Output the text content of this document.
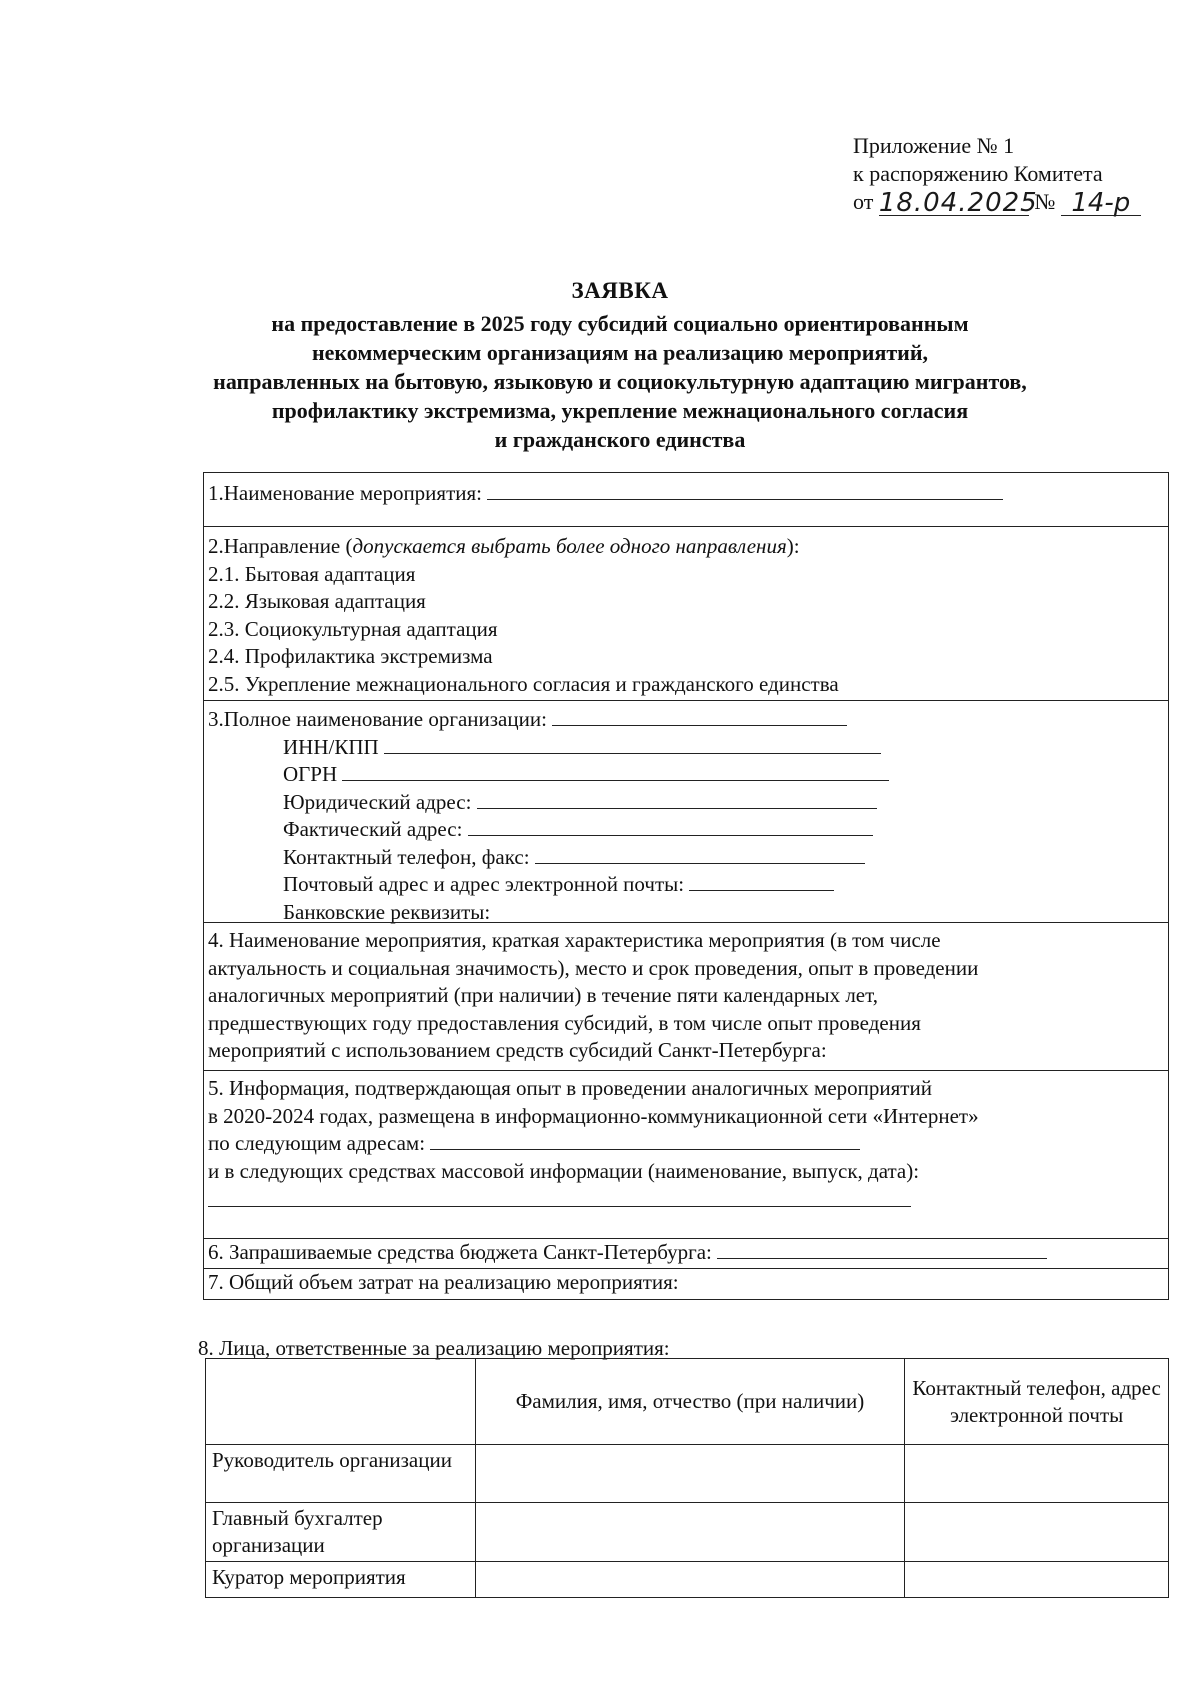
Приложение № 1
к распоряжению Комитета
от 18.04.2025 № 14-р
ЗАЯВКА
на предоставление в 2025 году субсидий социально ориентированным
некоммерческим организациям на реализацию мероприятий,
направленных на бытовую, языковую и социокультурную адаптацию мигрантов,
профилактику экстремизма, укрепление межнационального согласия
и гражданского единства
1.Наименование мероприятия:
2.Направление (допускается выбрать более одного направления):
2.1. Бытовая адаптация
2.2. Языковая адаптация
2.3. Социокультурная адаптация
2.4. Профилактика экстремизма
2.5. Укрепление межнационального согласия и гражданского единства
3.Полное наименование организации:
ИНН/КПП
ОГРН
Юридический адрес:
Фактический адрес:
Контактный телефон, факс:
Почтовый адрес и адрес электронной почты:
Банковские реквизиты:
4. Наименование мероприятия, краткая характеристика мероприятия (в том числе
актуальность и социальная значимость), место и срок проведения, опыт в проведении
аналогичных мероприятий (при наличии) в течение пяти календарных лет,
предшествующих году предоставления субсидий, в том числе опыт проведения
мероприятий с использованием средств субсидий Санкт-Петербурга:
5. Информация, подтверждающая опыт в проведении аналогичных мероприятий
в 2020-2024 годах, размещена в информационно-коммуникационной сети «Интернет»
по следующим адресам:
и в следующих средствах массовой информации (наименование, выпуск, дата):
6. Запрашиваемые средства бюджета Санкт-Петербурга:
7. Общий объем затрат на реализацию мероприятия:
8. Лица, ответственные за реализацию мероприятия:
	Фамилия, имя, отчество (при наличии)	Контактный телефон, адрес электронной почты
Руководитель организации		
Главный бухгалтер организации		
Куратор мероприятия		
